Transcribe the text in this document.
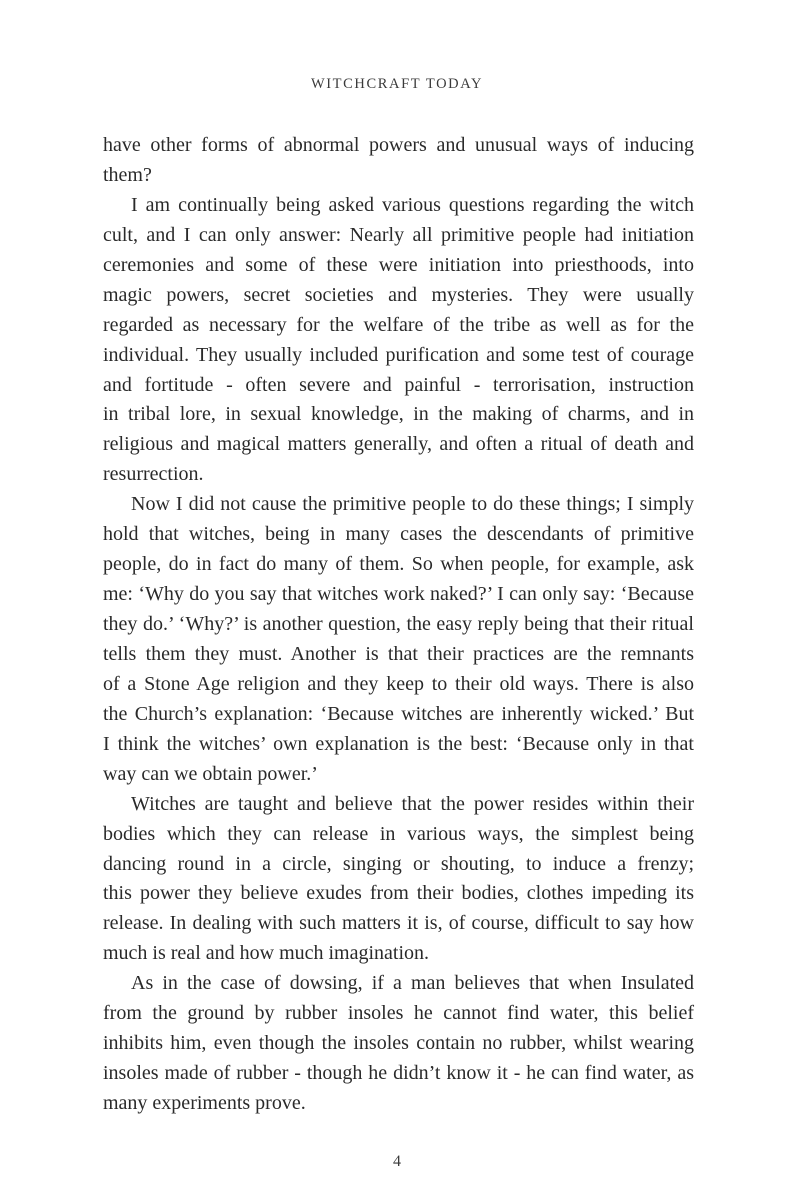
WITCHCRAFT TODAY
have other forms of abnormal powers and unusual ways of inducing
them?
I am continually being asked various questions regarding the witch
cult, and I can only answer: Nearly all primitive people had initiation
ceremonies and some of these were initiation into priesthoods, into
magic powers, secret societies and mysteries. They were usually
regarded as necessary for the welfare of the tribe as well as for the
individual. They usually included purification and some test of courage
and fortitude - often severe and painful - terrorisation, instruction
in tribal lore, in sexual knowledge, in the making of charms, and in
religious and magical matters generally, and often a ritual of death and
resurrection.
Now I did not cause the primitive people to do these things; I simply
hold that witches, being in many cases the descendants of primitive
people, do in fact do many of them. So when people, for example, ask
me: ‘Why do you say that witches work naked?’ I can only say: ‘Because
they do.’ ‘Why?’ is another question, the easy reply being that their ritual
tells them they must. Another is that their practices are the remnants
of a Stone Age religion and they keep to their old ways. There is also
the Church’s explanation: ‘Because witches are inherently wicked.’ But
I think the witches’ own explanation is the best: ‘Because only in that
way can we obtain power.’
Witches are taught and believe that the power resides within their
bodies which they can release in various ways, the simplest being
dancing round in a circle, singing or shouting, to induce a frenzy;
this power they believe exudes from their bodies, clothes impeding its
release. In dealing with such matters it is, of course, difficult to say how
much is real and how much imagination.
As in the case of dowsing, if a man believes that when Insulated
from the ground by rubber insoles he cannot find water, this belief
inhibits him, even though the insoles contain no rubber, whilst wearing
insoles made of rubber - though he didn’t know it - he can find water, as
many experiments prove.
4
